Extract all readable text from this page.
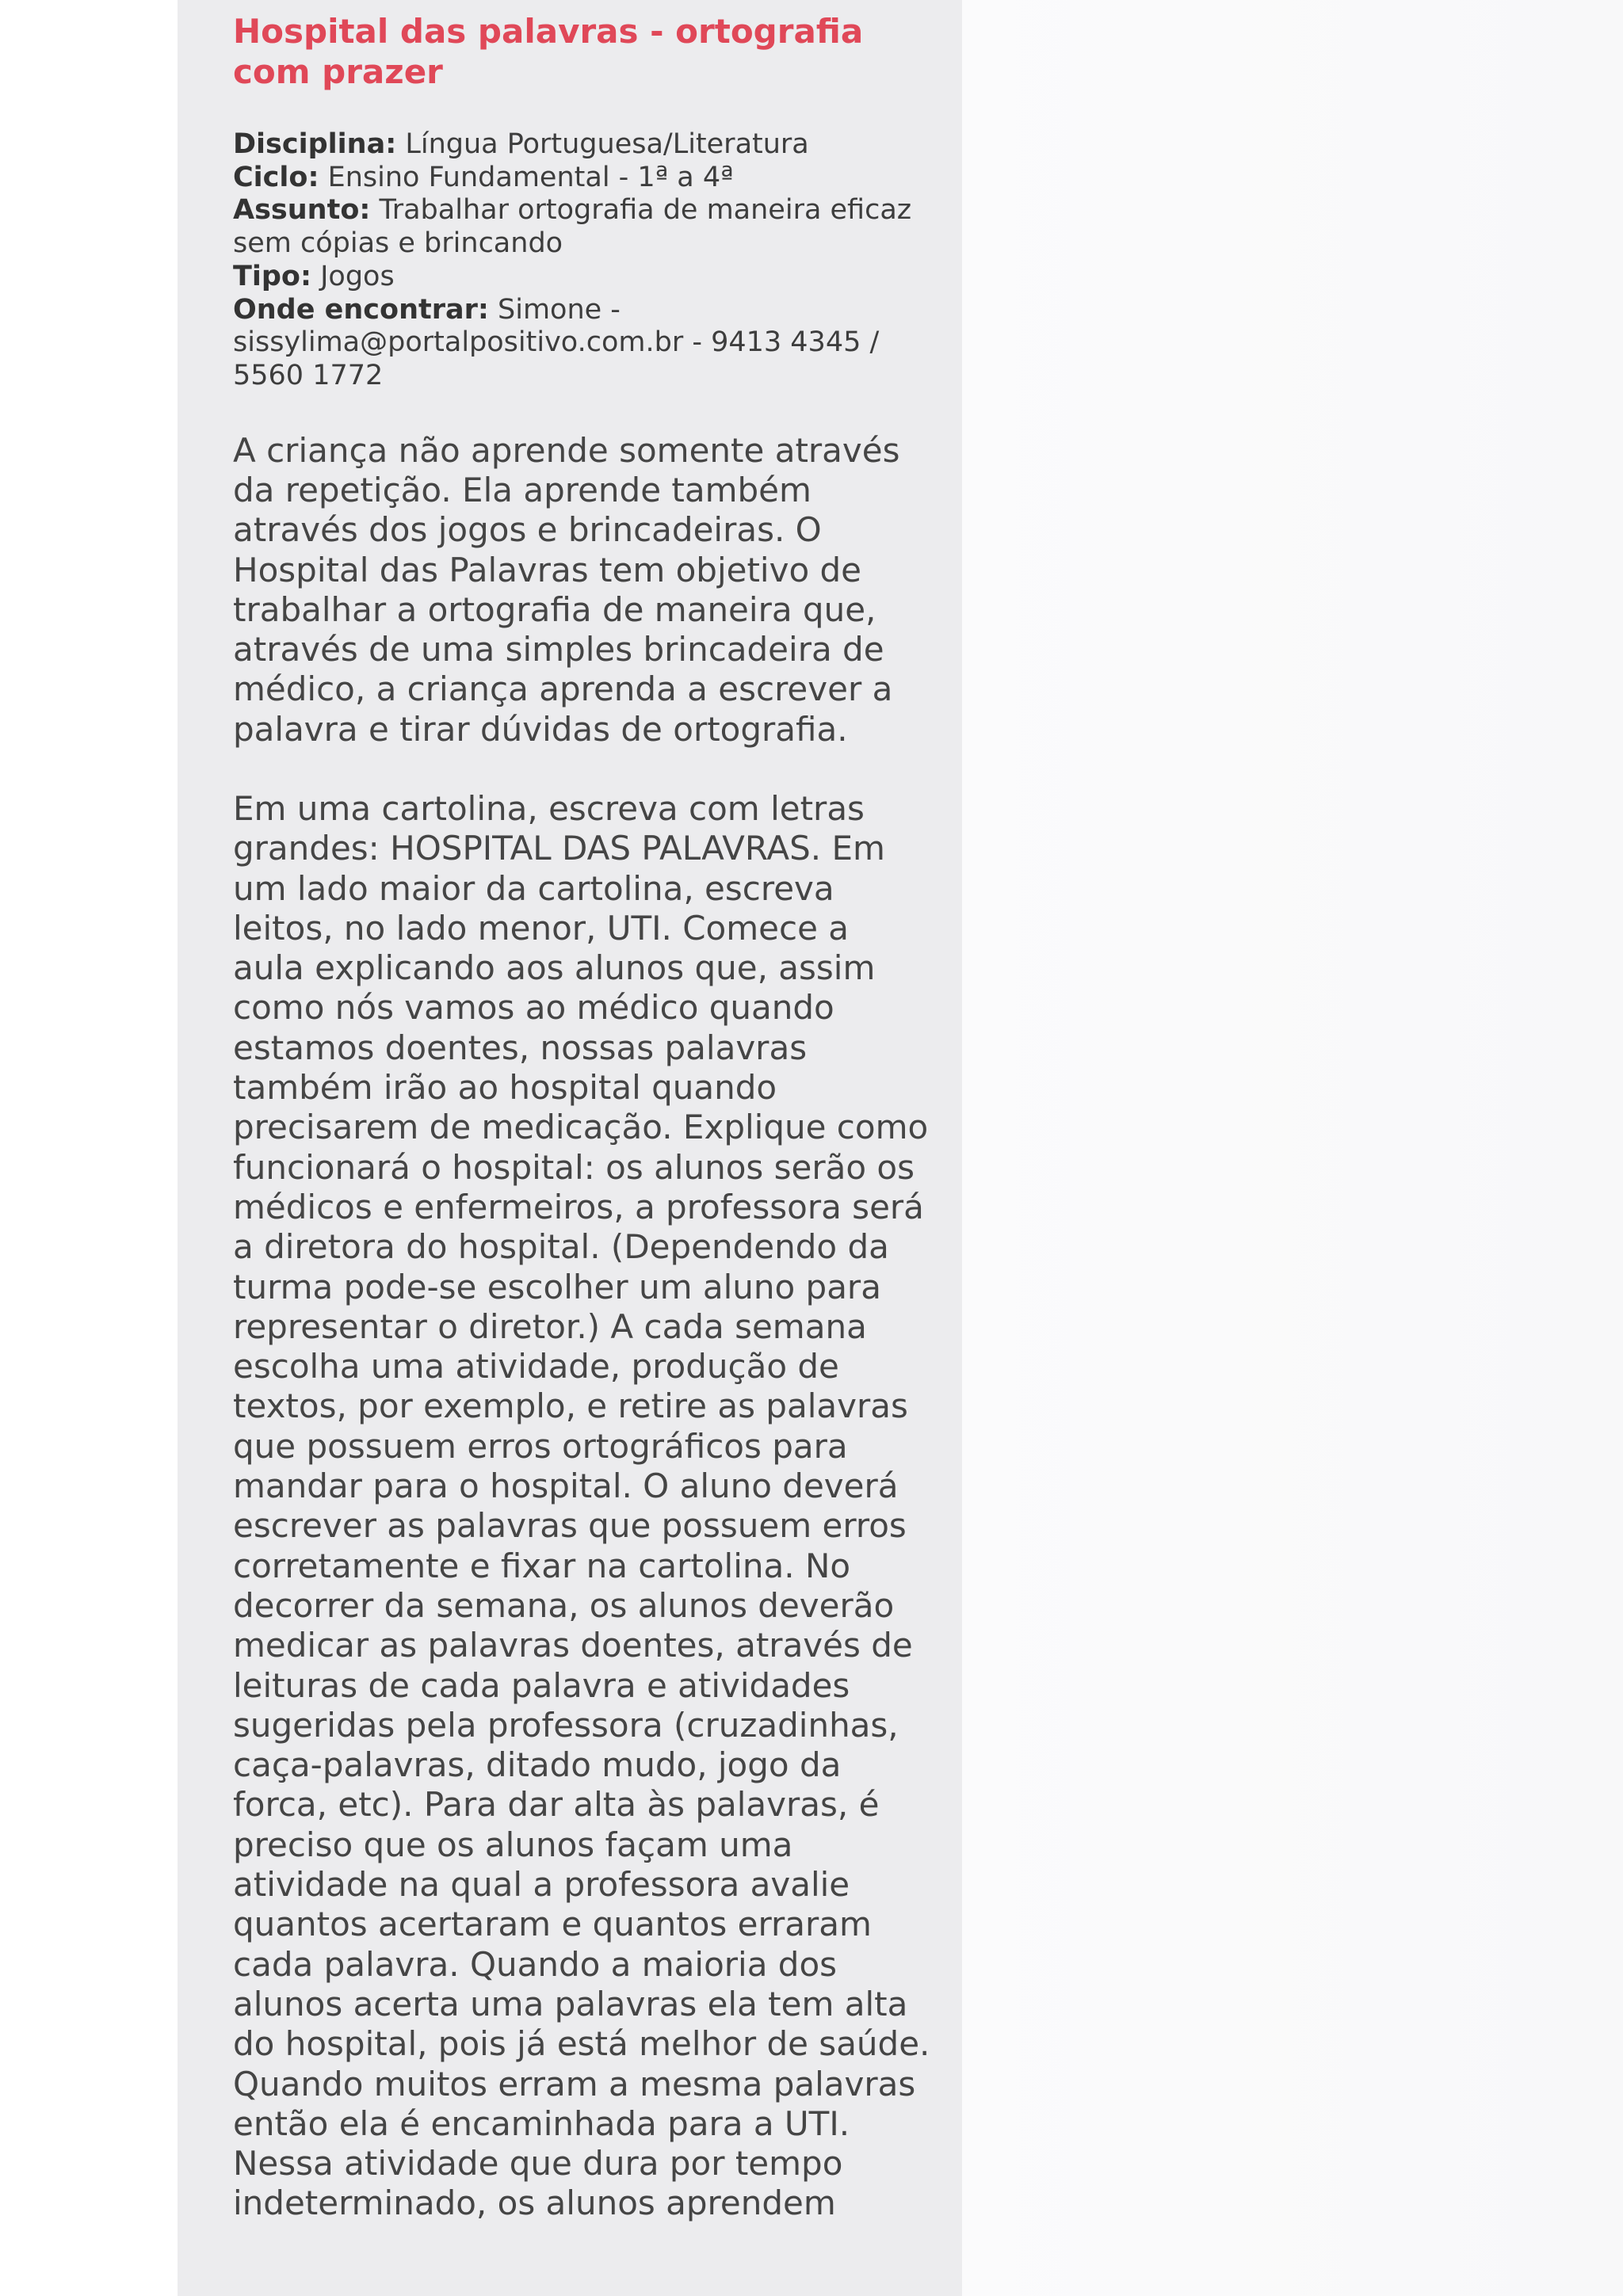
Hospital das palavras - ortografia com prazer
Disciplina: Língua Portuguesa/Literatura
Ciclo: Ensino Fundamental - 1ª a 4ª
Assunto: Trabalhar ortografia de maneira eficaz sem cópias e brincando
Tipo: Jogos
Onde encontrar: Simone - sissylima@portalpositivo.com.br - 9413 4345 / 5560 1772

A criança não aprende somente através da repetição. Ela aprende também através dos jogos e brincadeiras. O Hospital das Palavras tem objetivo de trabalhar a ortografia de maneira que, através de uma simples brincadeira de médico, a criança aprenda a escrever a palavra e tirar dúvidas de ortografia.

Em uma cartolina, escreva com letras grandes: HOSPITAL DAS PALAVRAS. Em um lado maior da cartolina, escreva leitos, no lado menor, UTI. Comece a aula explicando aos alunos que, assim como nós vamos ao médico quando estamos doentes, nossas palavras também irão ao hospital quando precisarem de medicação. Explique como funcionará o hospital: os alunos serão os médicos e enfermeiros, a professora será a diretora do hospital. (Dependendo da turma pode-se escolher um aluno para representar o diretor.) A cada semana escolha uma atividade, produção de textos, por exemplo, e retire as palavras que possuem erros ortográficos para mandar para o hospital. O aluno deverá escrever as palavras que possuem erros corretamente e fixar na cartolina. No decorrer da semana, os alunos deverão medicar as palavras doentes, através de leituras de cada palavra e atividades sugeridas pela professora (cruzadinhas, caça-palavras, ditado mudo, jogo da forca, etc). Para dar alta às palavras, é preciso que os alunos façam uma atividade na qual a professora avalie quantos acertaram e quantos erraram cada palavra. Quando a maioria dos alunos acerta uma palavras ela tem alta do hospital, pois já está melhor de saúde. Quando muitos erram a mesma palavras então ela é encaminhada para a UTI.

Nessa atividade que dura por tempo indeterminado, os alunos aprendem
